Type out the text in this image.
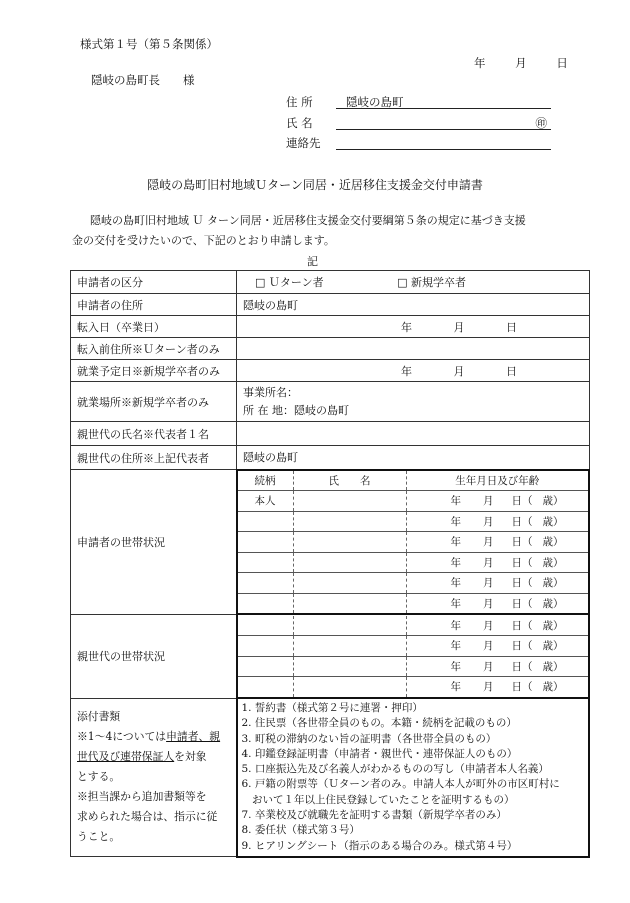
様式第１号（第５条関係）
年	月	日
隠岐の島町長　　様
住 所	隠岐の島町
氏 名	㊞
連絡先
隠岐の島町旧村地域Ｕターン同居・近居移住支援金交付申請書
隠岐の島町旧村地域 Ｕ ターン同居・近居移住支援金交付要綱第５条の規定に基づき支援
金の交付を受けたいので、下記のとおり申請します。
記
申請者の区分	□ Ｕターン者	□ 新規学卒者
申請者の住所	隠岐の島町
転入日（卒業日）	年	月	日
転入前住所※Ｕターン者のみ	
就業予定日※新規学卒者のみ	年	月	日
就業場所※新規学卒者のみ	
事業所名：
所 在 地：隠岐の島町

親世代の氏名※代表者１名	
親世代の住所※上記代表者	隠岐の島町
申請者の世帯状況	
続柄	氏　　名	生年月日及び年齢
本人		年 月 日（ 歳）
		年 月 日（ 歳）
		年 月 日（ 歳）
		年 月 日（ 歳）
		年 月 日（ 歳）
		年 月 日（ 歳）

親世代の世帯状況	
		年 月 日（ 歳）
		年 月 日（ 歳）
		年 月 日（ 歳）
		年 月 日（ 歳）

添付書類
※1～4については申請者、親
世代及び連帯保証人を対象
とする。
※担当課から追加書類等を
求められた場合は、指示に従
うこと。

1. 誓約書（様式第２号に連署・押印）
2. 住民票（各世帯全員のもの。本籍・続柄を記載のもの）
3. 町税の滞納のない旨の証明書（各世帯全員のもの）
4. 印鑑登録証明書（申請者・親世代・連帯保証人のもの）
5. 口座振込先及び名義人がわかるものの写し（申請者本人名義）
6. 戸籍の附票等（Ｕターン者のみ。申請人本人が町外の市区町村に
　おいて１年以上住民登録していたことを証明するもの）
7. 卒業校及び就職先を証明する書類（新規学卒者のみ）
8. 委任状（様式第３号）
9. ヒアリングシート（指示のある場合のみ。様式第４号）
